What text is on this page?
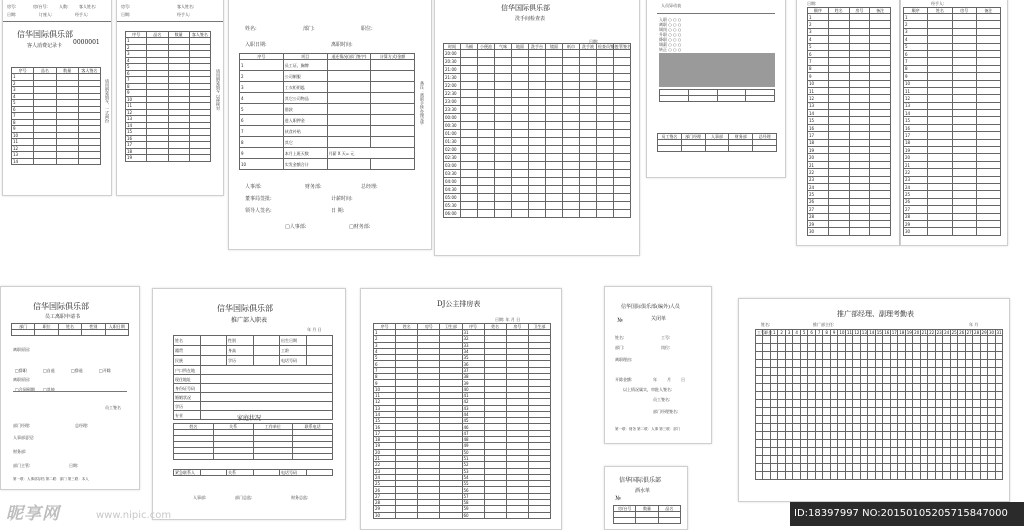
房号:	房/台号:	人数:	客人姓名:
日期:	订座人:	经手人:
信华国际俱乐部
客人消费记录卡 0000001
请用钢笔填写，一式两份
序号	品名	数量	客人签名
1			
2			
3			
4			
5			
6			
7			
8			
9			
10			
11			
12			
13			
14			
房号:	客人姓名:
日期:	经手人:
请用钢笔填写 以便核对
序号	品名	数量	客人签名
1			
2			
3			
4			
5			
6			
7			
8			
9			
10			
11			
12			
13			
14			
15			
16			
17			
18			
19			
姓名:	部门:	职位:
入职日期:	离职时间:
序号	项目	退还情况(部门签字)	计算方式/金额
1	员工证、胸牌		
2	公司制服		
3	工衣柜钥匙		
4	其它公司物品		
5	借款		
6	进入职押金		
7	伙食补贴		
8	其它		
9	本月上班天数	月薪 X 天= 元	
10	实发金额合计		
备注：离职手续办理完毕
人事部:	财务部:	总经理:
董事局签批:	计薪时间:
领导人签名:	日 期:
□人事部:	□财务部:
信华国际俱乐部
洗手间检查表
日期:
时间	马桶	小便池	气味	地面	洗手台	镜面	纸巾	洗手液	检查员签名	主管签名
20:00										
20:30										
21:00										
21:30										
22:00										
22:30										
23:00										
23:30										
00:00										
00:30										
01:00										
01:30										
02:00										
02:30										
03:00										
03:30										
04:00										
04:30										
05:00										
05:30										
06:00										
人员异动表
入职 ○ ○ ○
离职 ○ ○ ○
调岗 ○ ○ ○
升职 ○ ○ ○
降职 ○ ○ ○
调薪 ○ ○ ○
转正 ○ ○ ○

员工签名	部门经理	人事部	财务部	总经理

日期:
顺序	姓名	房号	备注
1			
2			
3			
4			
5			
6			
7			
8			
9			
10			
11			
12			
13			
14			
15			
16			
17			
18			
19			
20			
21			
22			
23			
24			
25			
26			
27			
28			
29			
30			
经手人:
顺序	姓名	房号	备注
1			
2			
3			
4			
5			
6			
7			
8			
9			
10			
11			
12			
13			
14			
15			
16			
17			
18			
19			
20			
21			
22			
23			
24			
25			
26			
27			
28			
29			
30			
信华国际俱乐部
员工离职申请书
部门	职位	姓名	性别	入职日期

离职原因:
□辞职	□自退	□辞退	□开除□合同到期 □其他
离职原因:
员工签名
部门经理:	总经理:
人事部意见:
财务部:
部门主管:	日期:
第一联：人事部存档 第二联：部门 第三联：本人
信华国际俱乐部
推广部入职表
年 月 日
姓名		性别		出生日期	
籍贯		身高		工龄	
民族		学历		电话号码	
户口所在地					
现住地址					
身份证号码					
婚姻状况					
学历					
专业						家庭状况
姓名	关系	工作单位	联系电话

紧急联系人		关系		电话号码	
人事部:	部门总监:	财务总监:
DJ公主排房表
日期: 年 月 日
序号	姓名	房号	卫生部	序号	姓名	房号	卫生部
1				31			
2				32			
3				33			
4				34			
5				35			
6				36			
7				37			
8				38			
9				39			
10				40			
11				41			
12				42			
13				43			
14				44			
15				45			
16				46			
17				47			
18				48			
19				49			
20				50			
21				51			
22				52			
23				53			
24				54			
25				55			
26				56			
27				57			
28				58			
29				59			
30				60			
信华国际俱乐部(编外)人员
关闭单
№
姓名:	工号:
部门:	岗位:
离职理由:
开除金额:	年	月	日
以上情况属实，审批人签名:
员工签名:
部门经理签名:
第一联：财务 第二联：人事 第三联：部门
信华国际俱乐部
酒水单
№
房/台号	数量	品名

推广部经理、副理考勤表
姓名:	推广部主任:	年 月
工号	职位	1	2	3	4	5	6	7	8	9	10	11	12	13	14	15	16	17	18	19	20	21	22	23	24	25	26	27	28	29	30	31

昵享网	www.nipic.com	ID:18397997 NO:20150105205715847000
